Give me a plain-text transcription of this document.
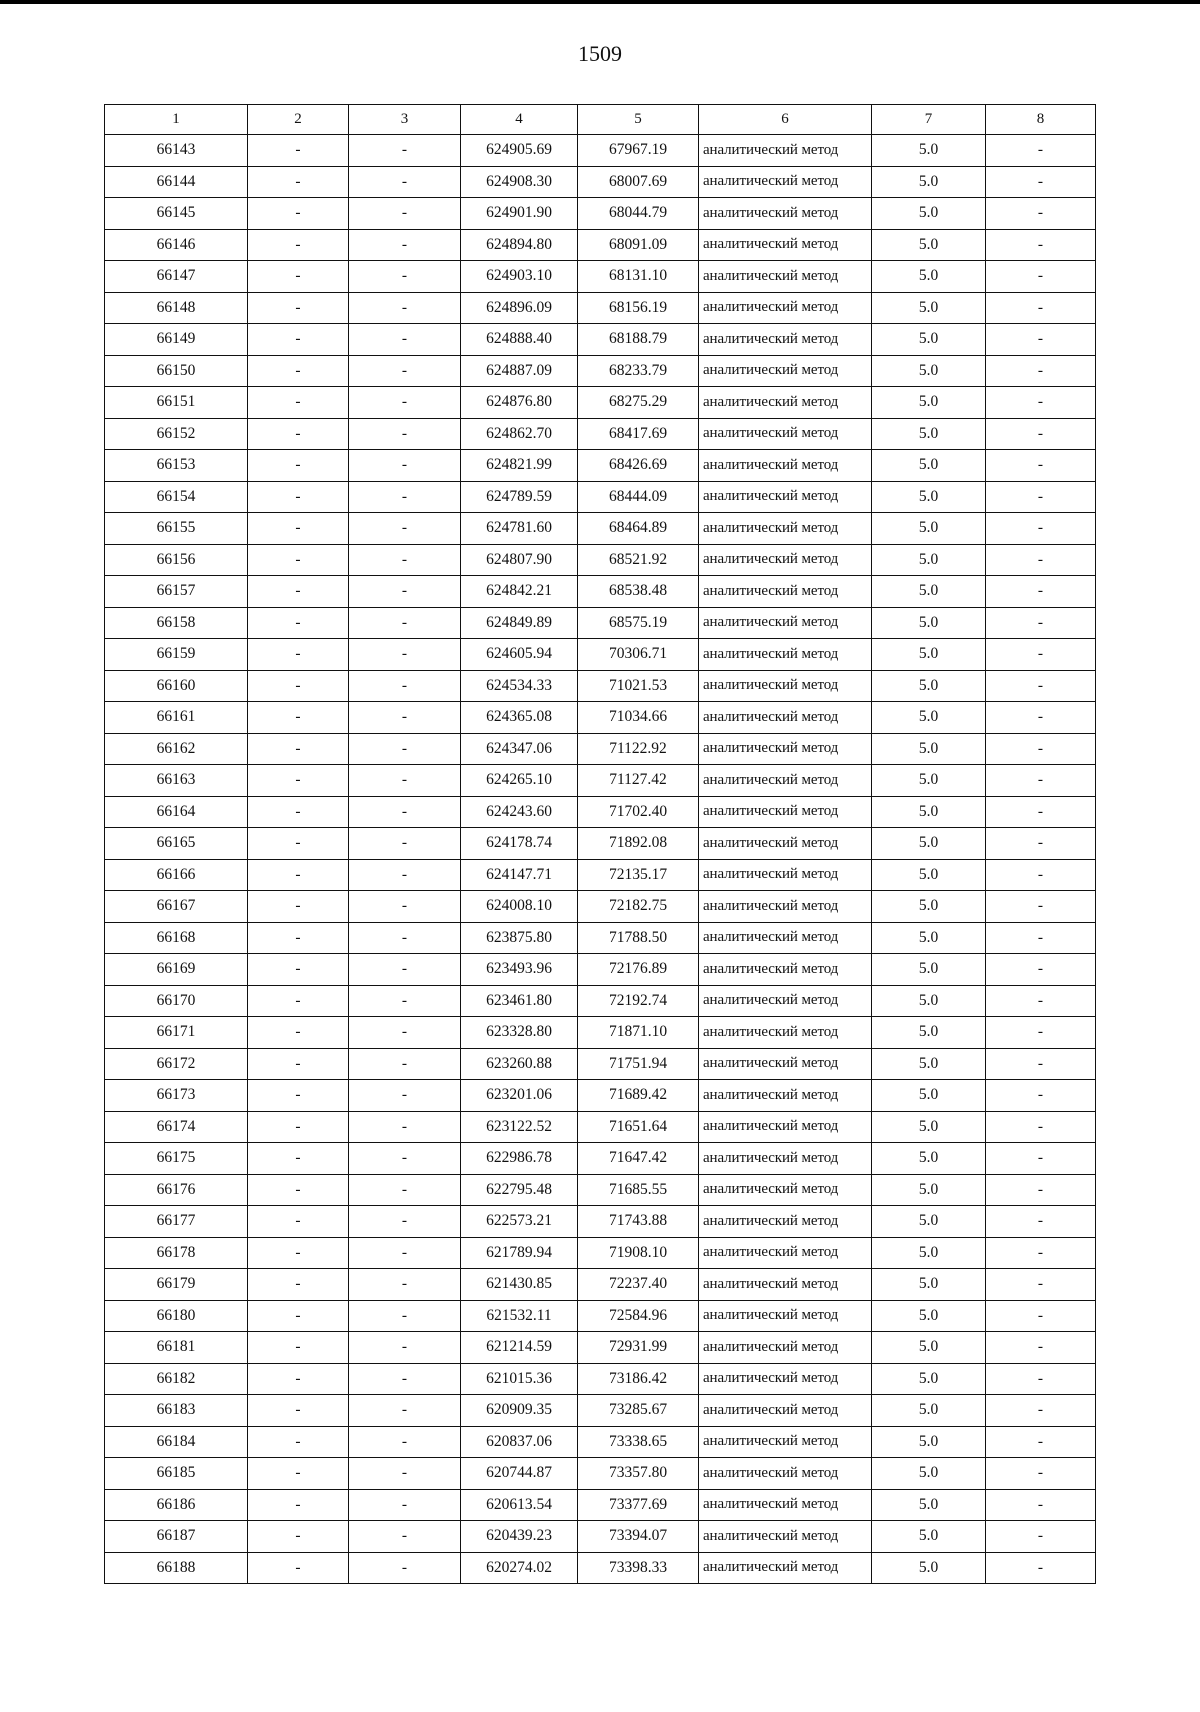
1509
1	2	3	4	5	6	7	8
66143	-	-	624905.69	67967.19	аналитический метод	5.0	-
66144	-	-	624908.30	68007.69	аналитический метод	5.0	-
66145	-	-	624901.90	68044.79	аналитический метод	5.0	-
66146	-	-	624894.80	68091.09	аналитический метод	5.0	-
66147	-	-	624903.10	68131.10	аналитический метод	5.0	-
66148	-	-	624896.09	68156.19	аналитический метод	5.0	-
66149	-	-	624888.40	68188.79	аналитический метод	5.0	-
66150	-	-	624887.09	68233.79	аналитический метод	5.0	-
66151	-	-	624876.80	68275.29	аналитический метод	5.0	-
66152	-	-	624862.70	68417.69	аналитический метод	5.0	-
66153	-	-	624821.99	68426.69	аналитический метод	5.0	-
66154	-	-	624789.59	68444.09	аналитический метод	5.0	-
66155	-	-	624781.60	68464.89	аналитический метод	5.0	-
66156	-	-	624807.90	68521.92	аналитический метод	5.0	-
66157	-	-	624842.21	68538.48	аналитический метод	5.0	-
66158	-	-	624849.89	68575.19	аналитический метод	5.0	-
66159	-	-	624605.94	70306.71	аналитический метод	5.0	-
66160	-	-	624534.33	71021.53	аналитический метод	5.0	-
66161	-	-	624365.08	71034.66	аналитический метод	5.0	-
66162	-	-	624347.06	71122.92	аналитический метод	5.0	-
66163	-	-	624265.10	71127.42	аналитический метод	5.0	-
66164	-	-	624243.60	71702.40	аналитический метод	5.0	-
66165	-	-	624178.74	71892.08	аналитический метод	5.0	-
66166	-	-	624147.71	72135.17	аналитический метод	5.0	-
66167	-	-	624008.10	72182.75	аналитический метод	5.0	-
66168	-	-	623875.80	71788.50	аналитический метод	5.0	-
66169	-	-	623493.96	72176.89	аналитический метод	5.0	-
66170	-	-	623461.80	72192.74	аналитический метод	5.0	-
66171	-	-	623328.80	71871.10	аналитический метод	5.0	-
66172	-	-	623260.88	71751.94	аналитический метод	5.0	-
66173	-	-	623201.06	71689.42	аналитический метод	5.0	-
66174	-	-	623122.52	71651.64	аналитический метод	5.0	-
66175	-	-	622986.78	71647.42	аналитический метод	5.0	-
66176	-	-	622795.48	71685.55	аналитический метод	5.0	-
66177	-	-	622573.21	71743.88	аналитический метод	5.0	-
66178	-	-	621789.94	71908.10	аналитический метод	5.0	-
66179	-	-	621430.85	72237.40	аналитический метод	5.0	-
66180	-	-	621532.11	72584.96	аналитический метод	5.0	-
66181	-	-	621214.59	72931.99	аналитический метод	5.0	-
66182	-	-	621015.36	73186.42	аналитический метод	5.0	-
66183	-	-	620909.35	73285.67	аналитический метод	5.0	-
66184	-	-	620837.06	73338.65	аналитический метод	5.0	-
66185	-	-	620744.87	73357.80	аналитический метод	5.0	-
66186	-	-	620613.54	73377.69	аналитический метод	5.0	-
66187	-	-	620439.23	73394.07	аналитический метод	5.0	-
66188	-	-	620274.02	73398.33	аналитический метод	5.0	-
